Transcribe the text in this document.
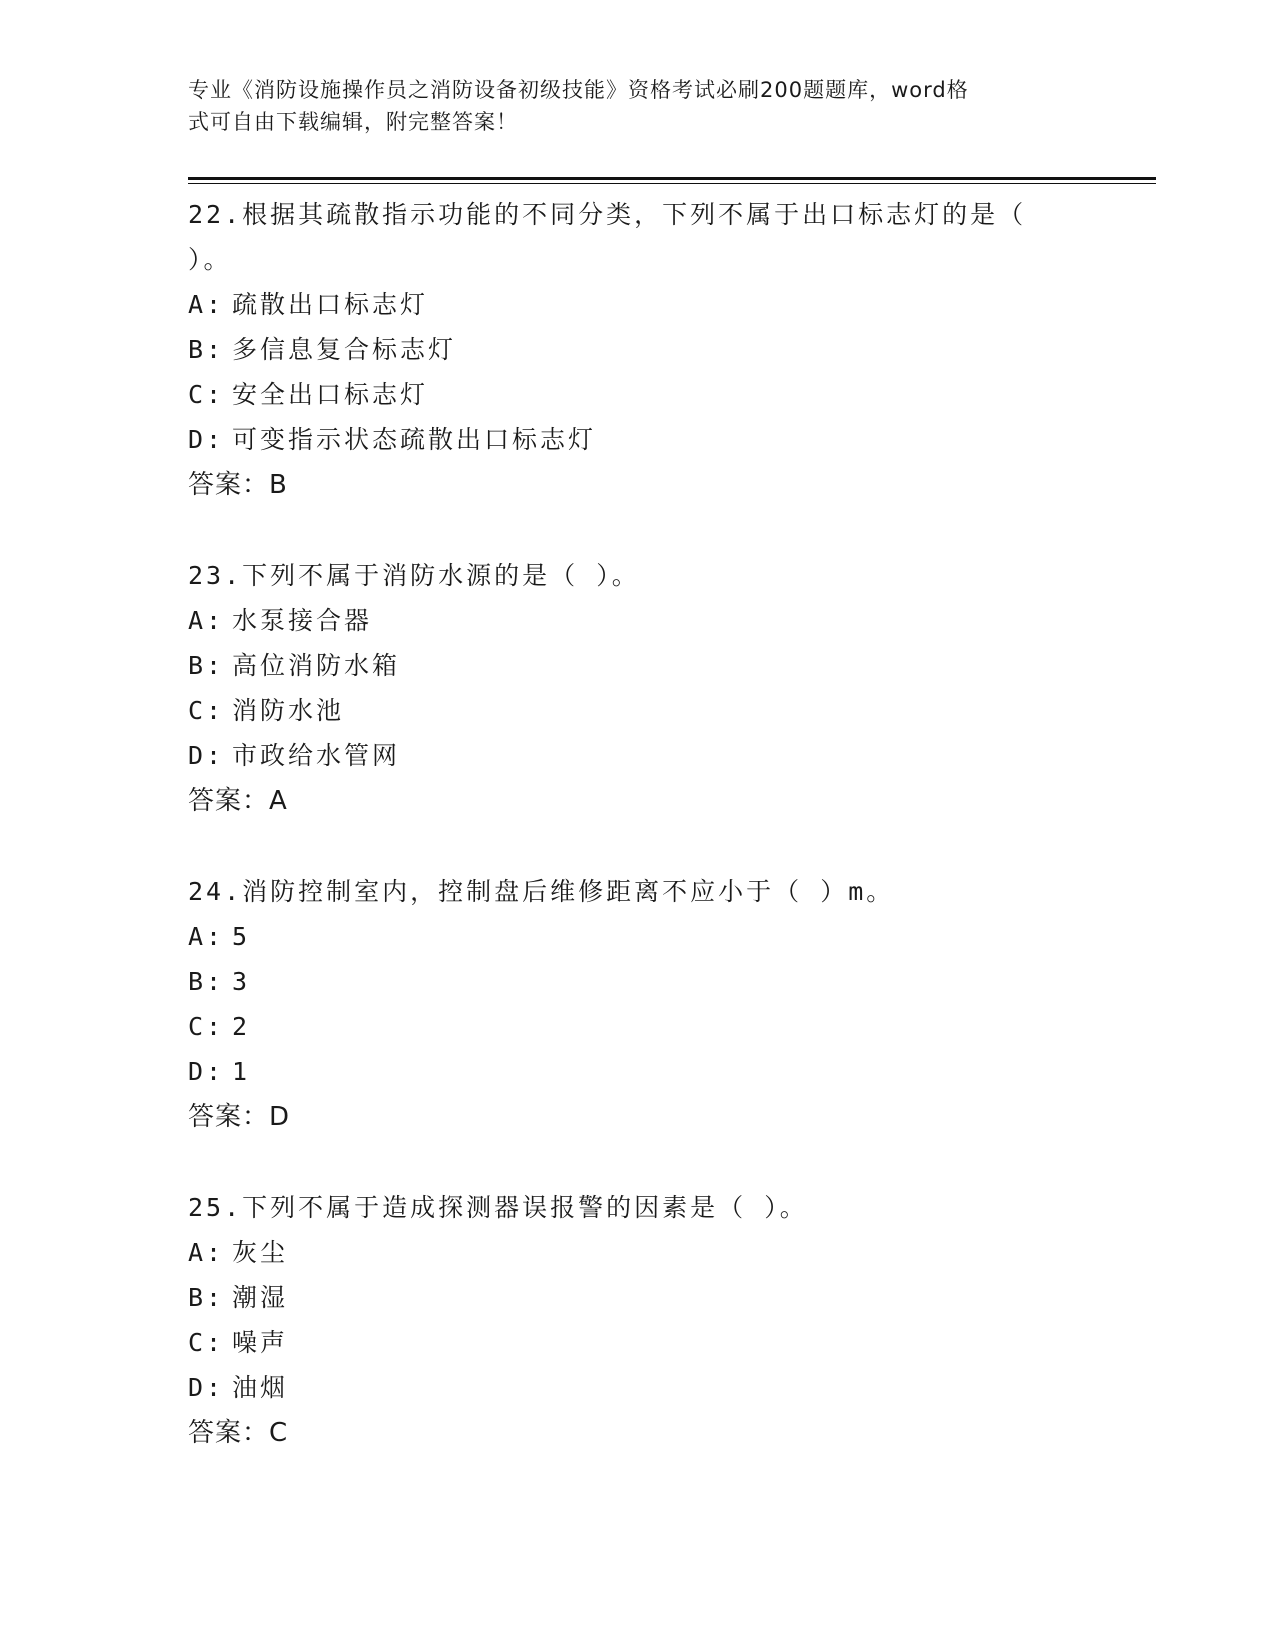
专业《消防设施操作员之消防设备初级技能》资格考试必刷200题题库，word格
式可自由下载编辑，附完整答案！
22.根据其疏散指示功能的不同分类，下列不属于出口标志灯的是（ ）。
A: 疏散出口标志灯
B: 多信息复合标志灯
C: 安全出口标志灯
D: 可变指示状态疏散出口标志灯
答案：B
23.下列不属于消防水源的是（ ）。
A: 水泵接合器
B: 高位消防水箱
C: 消防水池
D: 市政给水管网
答案：A
24.消防控制室内，控制盘后维修距离不应小于（ ）m。
A: 5
B: 3
C: 2
D: 1
答案：D
25.下列不属于造成探测器误报警的因素是（ ）。
A: 灰尘
B: 潮湿
C: 噪声
D: 油烟
答案：C
